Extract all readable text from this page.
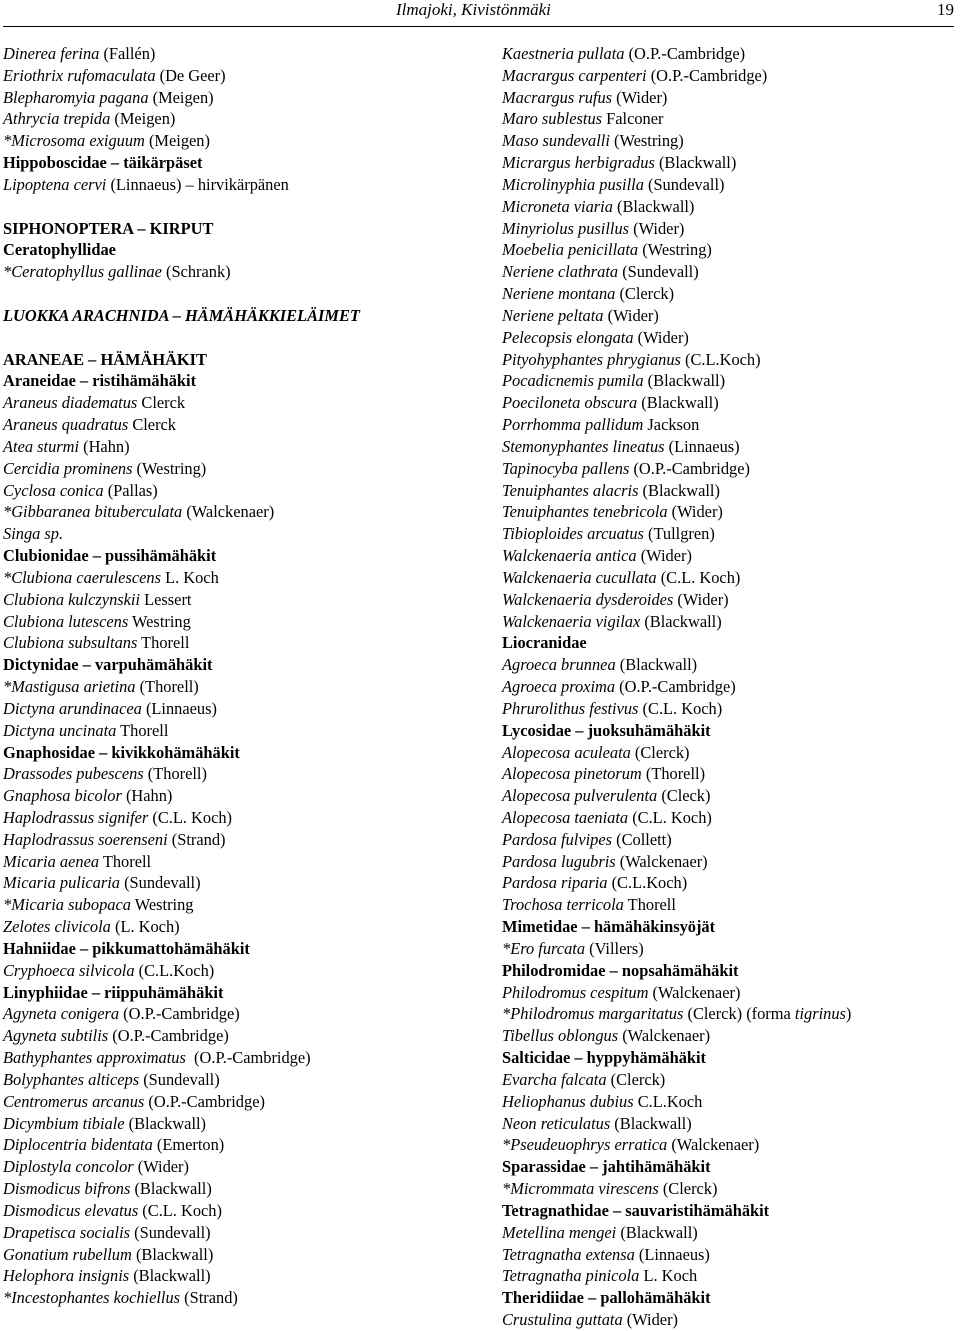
Ilmajoki, Kivistönmäki	19
Dinerea ferina (Fallén)
Eriothrix rufomaculata (De Geer)
Blepharomyia pagana (Meigen)
Athrycia trepida (Meigen)
*Microsoma exiguum (Meigen)
Hippoboscidae – täikärpäset
Lipoptena cervi (Linnaeus) – hirvikärpänen
SIPHONOPTERA – KIRPUT
Ceratophyllidae
*Ceratophyllus gallinae (Schrank)
LUOKKA ARACHNIDA – HÄMÄHÄKKIELÄIMET
ARANEAE – HÄMÄHÄKIT
Araneidae – ristihämähäkit
Araneus diadematus Clerck
Araneus quadratus Clerck
Atea sturmi (Hahn)
Cercidia prominens (Westring)
Cyclosa conica (Pallas)
*Gibbaranea bituberculata (Walckenaer)
Singa sp.
Clubionidae – pussihämähäkit
*Clubiona caerulescens L. Koch
Clubiona kulczynskii Lessert
Clubiona lutescens Westring
Clubiona subsultans Thorell
Dictynidae – varpuhämähäkit
*Mastigusa arietina (Thorell)
Dictyna arundinacea (Linnaeus)
Dictyna uncinata Thorell
Gnaphosidae – kivikkohämähäkit
Drassodes pubescens (Thorell)
Gnaphosa bicolor (Hahn)
Haplodrassus signifer (C.L. Koch)
Haplodrassus soerenseni (Strand)
Micaria aenea Thorell
Micaria pulicaria (Sundevall)
*Micaria subopaca Westring
Zelotes clivicola (L. Koch)
Hahniidae – pikkumattohämähäkit
Cryphoeca silvicola (C.L.Koch)
Linyphiidae – riippuhämähäkit
Agyneta conigera (O.P.-Cambridge)
Agyneta subtilis (O.P.-Cambridge)
Bathyphantes approximatus  (O.P.-Cambridge)
Bolyphantes alticeps (Sundevall)
Centromerus arcanus (O.P.-Cambridge)
Dicymbium tibiale (Blackwall)
Diplocentria bidentata (Emerton)
Diplostyla concolor (Wider)
Dismodicus bifrons (Blackwall)
Dismodicus elevatus (C.L. Koch)
Drapetisca socialis (Sundevall)
Gonatium rubellum (Blackwall)
Helophora insignis (Blackwall)
*Incestophantes kochiellus (Strand)
Kaestneria pullata (O.P.-Cambridge)
Macrargus carpenteri (O.P.-Cambridge)
Macrargus rufus (Wider)
Maro sublestus Falconer
Maso sundevalli (Westring)
Micrargus herbigradus (Blackwall)
Microlinyphia pusilla (Sundevall)
Microneta viaria (Blackwall)
Minyriolus pusillus (Wider)
Moebelia penicillata (Westring)
Neriene clathrata (Sundevall)
Neriene montana (Clerck)
Neriene peltata (Wider)
Pelecopsis elongata (Wider)
Pityohyphantes phrygianus (C.L.Koch)
Pocadicnemis pumila (Blackwall)
Poeciloneta obscura (Blackwall)
Porrhomma pallidum Jackson
Stemonyphantes lineatus (Linnaeus)
Tapinocyba pallens (O.P.-Cambridge)
Tenuiphantes alacris (Blackwall)
Tenuiphantes tenebricola (Wider)
Tibioploides arcuatus (Tullgren)
Walckenaeria antica (Wider)
Walckenaeria cucullata (C.L. Koch)
Walckenaeria dysderoides (Wider)
Walckenaeria vigilax (Blackwall)
Liocranidae
Agroeca brunnea (Blackwall)
Agroeca proxima (O.P.-Cambridge)
Phrurolithus festivus (C.L. Koch)
Lycosidae – juoksuhämähäkit
Alopecosa aculeata (Clerck)
Alopecosa pinetorum (Thorell)
Alopecosa pulverulenta (Cleck)
Alopecosa taeniata (C.L. Koch)
Pardosa fulvipes (Collett)
Pardosa lugubris (Walckenaer)
Pardosa riparia (C.L.Koch)
Trochosa terricola Thorell
Mimetidae – hämähäkinsyöjät
*Ero furcata (Villers)
Philodromidae – nopsahämähäkit
Philodromus cespitum (Walckenaer)
*Philodromus margaritatus (Clerck) (forma tigrinus)
Tibellus oblongus (Walckenaer)
Salticidae – hyppyhämähäkit
Evarcha falcata (Clerck)
Heliophanus dubius C.L.Koch
Neon reticulatus (Blackwall)
*Pseudeuophrys erratica (Walckenaer)
Sparassidae – jahtihämähäkit
*Micrommata virescens (Clerck)
Tetragnathidae – sauvaristihämähäkit
Metellina mengei (Blackwall)
Tetragnatha extensa (Linnaeus)
Tetragnatha pinicola L. Koch
Theridiidae – pallohämähäkit
Crustulina guttata (Wider)
